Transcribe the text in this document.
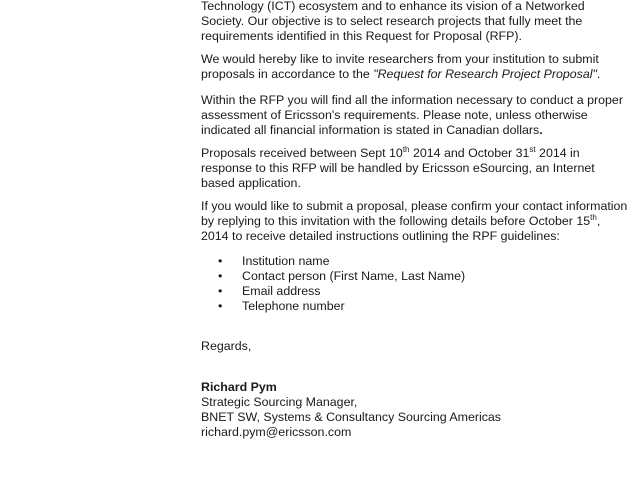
Technology (ICT) ecosystem and to enhance its vision of a Networked
Society. Our objective is to select research projects that fully meet the
requirements identified in this Request for Proposal (RFP).
We would hereby like to invite researchers from your institution to submit
proposals in accordance to the "Request for Research Project Proposal".
Within the RFP you will find all the information necessary to conduct a proper
assessment of Ericsson's requirements. Please note, unless otherwise
indicated all financial information is stated in Canadian dollars.
Proposals received between Sept 10th 2014 and October 31st 2014 in
response to this RFP will be handled by Ericsson eSourcing, an Internet
based application.
If you would like to submit a proposal, please confirm your contact information
by replying to this invitation with the following details before October 15th,
2014 to receive detailed instructions outlining the RPF guidelines:
• Institution name
• Contact person (First Name, Last Name)
• Email address
• Telephone number
Regards,
Richard Pym
Strategic Sourcing Manager,
BNET SW, Systems & Consultancy Sourcing Americas
richard.pym@ericsson.com
